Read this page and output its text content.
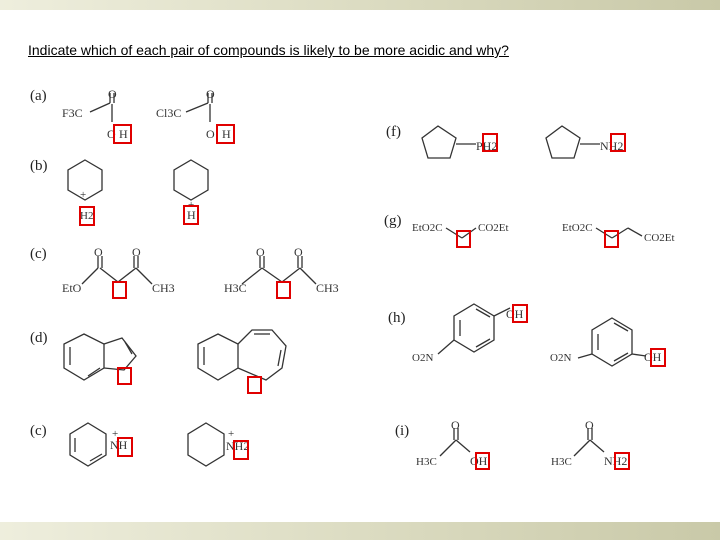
Indicate which of each pair of compounds is likely to be more acidic and why?
(a)
(b)
(c)
(d)
(c)
(f)
(g)
(h)
(i)
F3C
O
O
Cl3C
O
O
+
H2
+
EtO
O O
CH3	H3C
O O
CH3
+
NH
+
NH2
PH2	NH2
EtO2C	CO2Et	EtO2C
CO2Et
O2N
OH
O2N	OH
H3C
O
OH	H3C
O
NH2
H	H
H
